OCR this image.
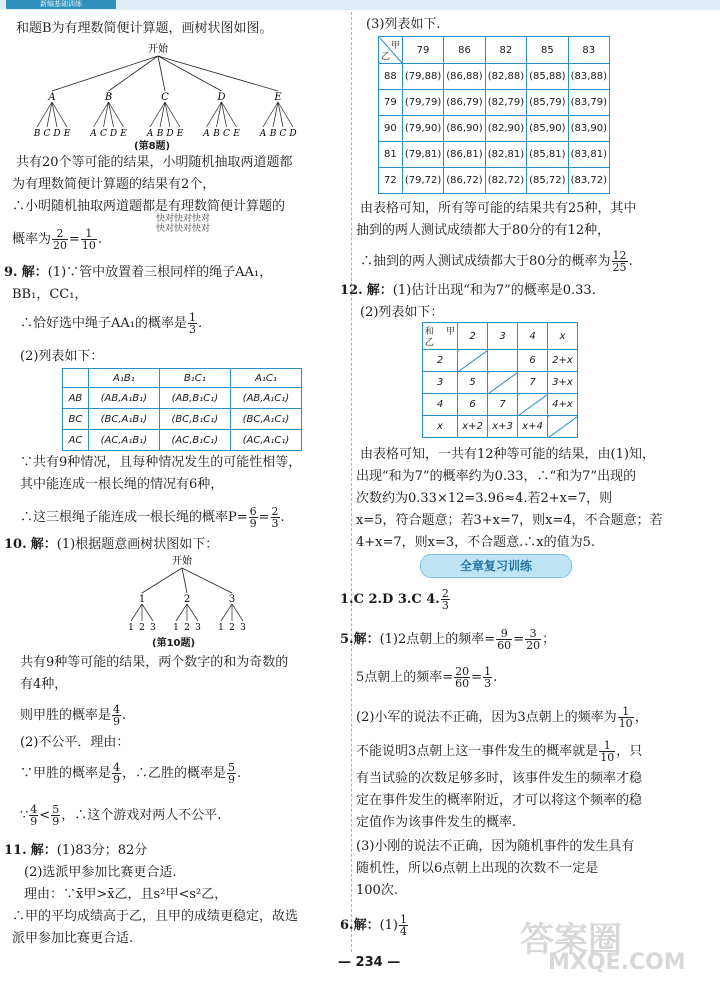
新编基础训练
和题B为有理数简便计算题，画树状图如图。
开始
A
B C D E
B
A C D E
C
A B D E
D
A B C E
E
A B C D
(第8题)
共有20个等可能的结果，小明随机抽取两道题都
为有理数简便计算题的结果有2个，
∴小明随机抽取两道题都是有理数简便计算题的
快对快对快对
快对快对快对
概率为 $\frac{2}{20} = \frac{1}{10}$ .
9. 解：(1)∵管中放置着三根同样的绳子AA₁，
BB₁，CC₁，
∴恰好选中绳子AA₁的概率是 $\frac{1}{3}$ .
(2)列表如下：
	A₁B₁	B₁C₁	A₁C₁
AB	(AB,A₁B₁)	(AB,B₁C₁)	(AB,A₁C₁)
BC	(BC,A₁B₁)	(BC,B₁C₁)	(BC,A₁C₁)
AC	(AC,A₁B₁)	(AC,B₁C₁)	(AC,A₁C₁)
∵共有9种情况，且每种情况发生的可能性相等，
其中能连成一根长绳的情况有6种，
∴这三根绳子能连成一根长绳的概率$P= \frac{6}{9} = \frac{2}{3}$ .
10. 解：(1)根据题意画树状图如下：
开始
1
1 2 3
2
1 2 3
3
1 2 3
(第10题)
共有9种等可能的结果，两个数字的和为奇数的
有4种，
则甲胜的概率是 $\frac{4}{9}$ .
(2)不公平．理由：
∵甲胜的概率是 $\frac{4}{9}$ ，∴乙胜的概率是 $\frac{5}{9}$ .
∵ $\frac{4}{9} < \frac{5}{9}$ ，∴这个游戏对两人不公平.
11. 解：(1)83分；82分
(2)选派甲参加比赛更合适.
理由：∵x̄甲>x̄乙，且s²甲<s²乙，
∴甲的平均成绩高于乙，且甲的成绩更稳定，故选
派甲参加比赛更合适.
(3)列表如下.
甲
乙	79	86	82	85	83
88	(79,88)	(86,88)	(82,88)	(85,88)	(83,88)
79	(79,79)	(86,79)	(82,79)	(85,79)	(83,79)
90	(79,90)	(86,90)	(82,90)	(85,90)	(83,90)
81	(79,81)	(86,81)	(82,81)	(85,81)	(83,81)
72	(79,72)	(86,72)	(82,72)	(85,72)	(83,72)
由表格可知，所有等可能的结果共有25种，其中
抽到的两人测试成绩都大于80分的有12种，
∴抽到的两人测试成绩都大于80分的概率为 $\frac{12}{25}$ .
12. 解：(1)估计出现“和为7”的概率是0.33.
(2)列表如下：
和 甲
乙	2	3	4	x
2			6	2+x
3	5		7	3+x
4	6	7		4+x
x	x+2	x+3	x+4	
由表格可知，一共有12种等可能的结果，由(1)知，
出现“和为7”的概率约为0.33，∴“和为7”出现的
次数约为0.33×12=3.96≈4.若2+x=7，则
x=5，符合题意；若3+x=7，则x=4，不合题意；若
4+x=7，则x=3，不合题意.∴x的值为5.
全章复习训练
1.C 2.D 3.C 4. $\frac{2}{3}$
5.解：(1)2点朝上的频率= $\frac{9}{60} = \frac{3}{20}$ ；
5点朝上的频率= $\frac{20}{60} = \frac{1}{3}$ .
(2)小军的说法不正确，因为3点朝上的频率为 $\frac{1}{10}$ ，
不能说明3点朝上这一事件发生的概率就是 $\frac{1}{10}$ ，只
有当试验的次数足够多时，该事件发生的频率才稳
定在事件发生的概率附近，才可以将这个频率的稳
定值作为该事件发生的概率.
(3)小刚的说法不正确，因为随机事件的发生具有
随机性，所以6点朝上出现的次数不一定是
100次.
6.解：$(1) \frac{1}{4}$	答案圈
MXQE.COM
— 234 —
